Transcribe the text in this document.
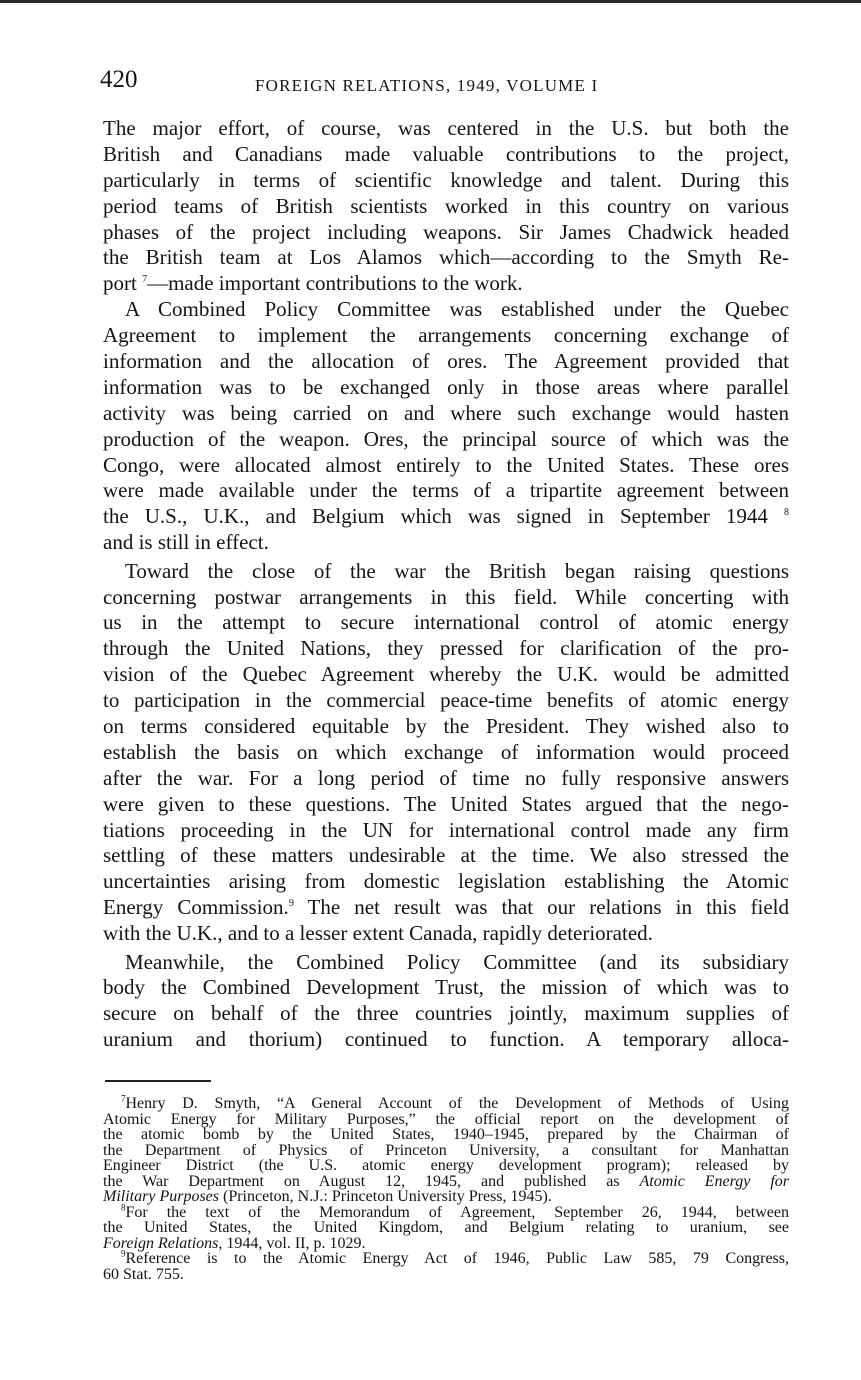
420	FOREIGN RELATIONS, 1949, VOLUME I
The major effort, of course, was centered in the U.S. but both the
British and Canadians made valuable contributions to the project,
particularly in terms of scientific knowledge and talent. During this
period teams of British scientists worked in this country on various
phases of the project including weapons. Sir James Chadwick headed
the British team at Los Alamos which—according to the Smyth Re-
port $^7$—made important contributions to the work.
A Combined Policy Committee was established under the Quebec
Agreement to implement the arrangements concerning exchange of
information and the allocation of ores. The Agreement provided that
information was to be exchanged only in those areas where parallel
activity was being carried on and where such exchange would hasten
production of the weapon. Ores, the principal source of which was the
Congo, were allocated almost entirely to the United States. These ores
were made available under the terms of a tripartite agreement between
the U.S., U.K., and Belgium which was signed in September 1944 $^8$
and is still in effect.
Toward the close of the war the British began raising questions
concerning postwar arrangements in this field. While concerting with
us in the attempt to secure international control of atomic energy
through the United Nations, they pressed for clarification of the pro-
vision of the Quebec Agreement whereby the U.K. would be admitted
to participation in the commercial peace-time benefits of atomic energy
on terms considered equitable by the President. They wished also to
establish the basis on which exchange of information would proceed
after the war. For a long period of time no fully responsive answers
were given to these questions. The United States argued that the nego-
tiations proceeding in the UN for international control made any firm
settling of these matters undesirable at the time. We also stressed the
uncertainties arising from domestic legislation establishing the Atomic
Energy Commission.$^9$ The net result was that our relations in this field
with the U.K., and to a lesser extent Canada, rapidly deteriorated.
Meanwhile, the Combined Policy Committee (and its subsidiary
body the Combined Development Trust, the mission of which was to
secure on behalf of the three countries jointly, maximum supplies of
uranium and thorium) continued to function. A temporary alloca-
$^7$Henry D. Smyth, “A General Account of the Development of Methods of Using
Atomic Energy for Military Purposes,” the official report on the development of
the atomic bomb by the United States, 1940–1945, prepared by the Chairman of
the Department of Physics of Princeton University, a consultant for Manhattan
Engineer District (the U.S. atomic energy development program); released by
the War Department on August 12, 1945, and published as Atomic Energy for
Military Purposes (Princeton, N.J.: Princeton University Press, 1945).
$^8$For the text of the Memorandum of Agreement, September 26, 1944, between
the United States, the United Kingdom, and Belgium relating to uranium, see
Foreign Relations, 1944, vol. II, p. 1029.
$^9$Reference is to the Atomic Energy Act of 1946, Public Law 585, 79 Congress,
60 Stat. 755.
